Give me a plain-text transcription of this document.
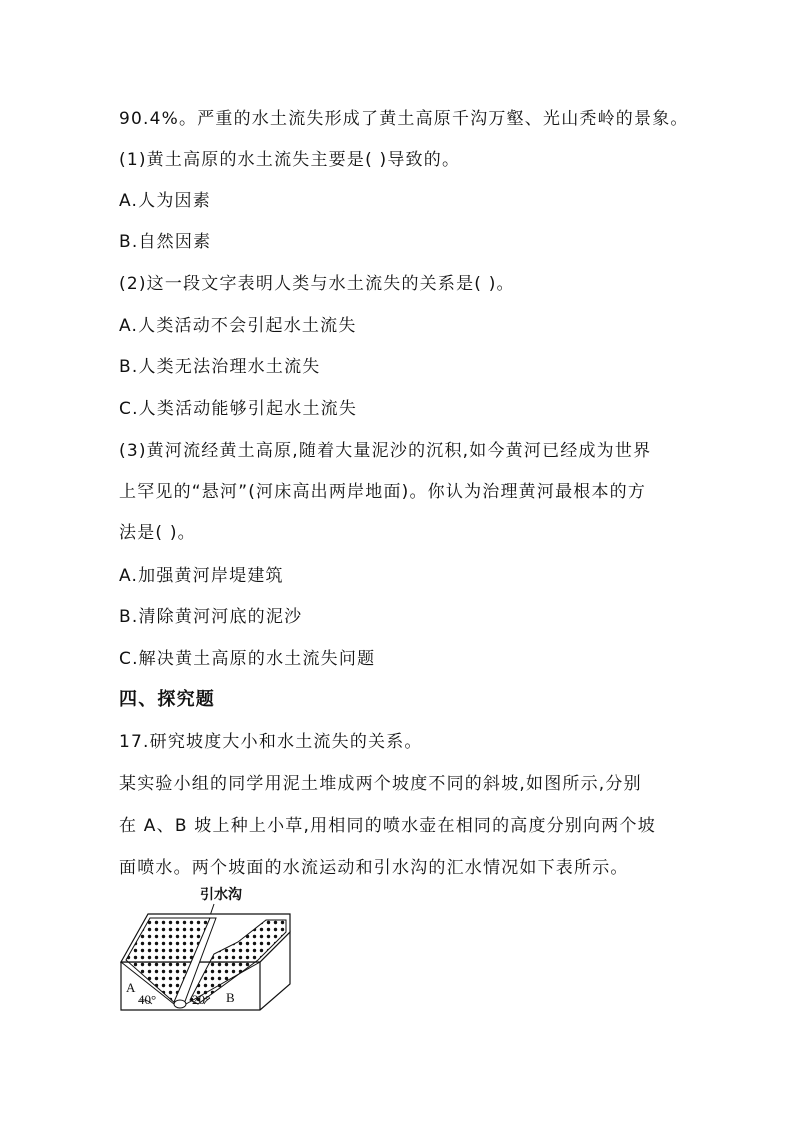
90.4%。严重的水土流失形成了黄土高原千沟万壑、光山秃岭的景象。
(1)黄土高原的水土流失主要是( )导致的。
A.人为因素
B.自然因素
(2)这一段文字表明人类与水土流失的关系是( )。
A.人类活动不会引起水土流失
B.人类无法治理水土流失
C.人类活动能够引起水土流失
(3)黄河流经黄土高原,随着大量泥沙的沉积,如今黄河已经成为世界
上罕见的“悬河”(河床高出两岸地面)。你认为治理黄河最根本的方
法是( )。
A.加强黄河岸堤建筑
B.清除黄河河底的泥沙
C.解决黄土高原的水土流失问题
四、探究题
17.研究坡度大小和水土流失的关系。
某实验小组的同学用泥土堆成两个坡度不同的斜坡,如图所示,分别
在 A、B 坡上种上小草,用相同的喷水壶在相同的高度分别向两个坡
面喷水。两个坡面的水流运动和引水沟的汇水情况如下表所示。
引水沟
A
40°	20° B
